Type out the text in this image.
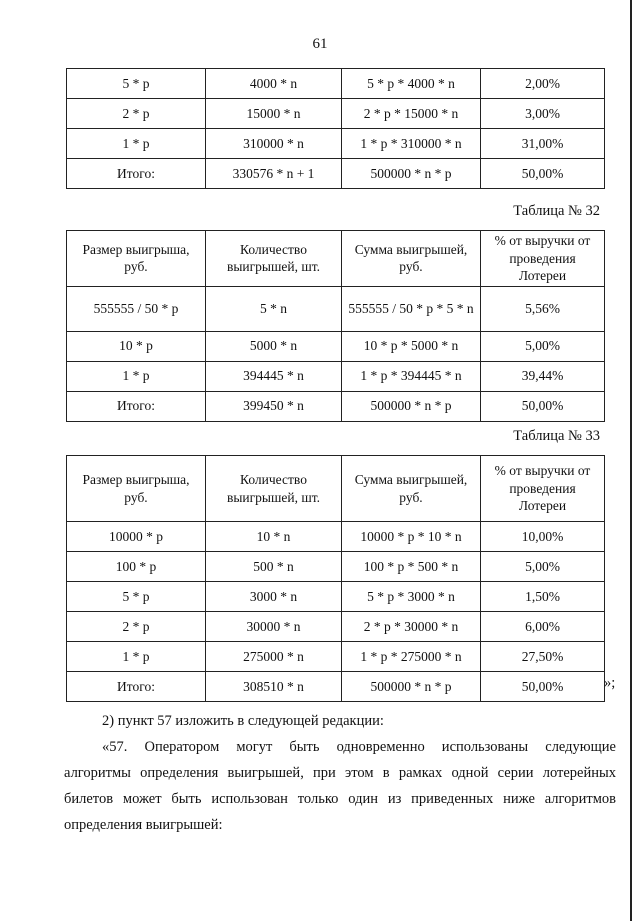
61
5 * р	4000 * n	5 * р * 4000 * n	2,00%
2 * р	15000 * n	2 * р * 15000 * n	3,00%
1 * р	310000 * n	1 * р * 310000 * n	31,00%
Итого:	330576 * n + 1	500000 * n * р	50,00%
Таблица № 32
Размер выигрыша, руб.	Количество выигрышей, шт.	Сумма выигрышей, руб.	% от выручки от проведения Лотереи
555555 / 50 * р	5 * n	555555 / 50 * р * 5 * n	5,56%
10 * р	5000 * n	10 * р * 5000 * n	5,00%
1 * р	394445 * n	1 * р * 394445 * n	39,44%
Итого:	399450 * n	500000 * n * р	50,00%
Таблица № 33
Размер выигрыша, руб.	Количество выигрышей, шт.	Сумма выигрышей, руб.	% от выручки от проведения Лотереи
10000 * р	10 * n	10000 * р * 10 * n	10,00%
100 * р	500 * n	100 * р * 500 * n	5,00%
5 * р	3000 * n	5 * р * 3000 * n	1,50%
2 * р	30000 * n	2 * р * 30000 * n	6,00%
1 * р	275000 * n	1 * р * 275000 * n	27,50%
Итого:	308510 * n	500000 * n * р	50,00%	»;
2) пункт 57 изложить в следующей редакции:
«57. Оператором могут быть одновременно использованы следующие
алгоритмы определения выигрышей, при этом в рамках одной серии лотерейных
билетов может быть использован только один из приведенных ниже алгоритмов
определения выигрышей:
